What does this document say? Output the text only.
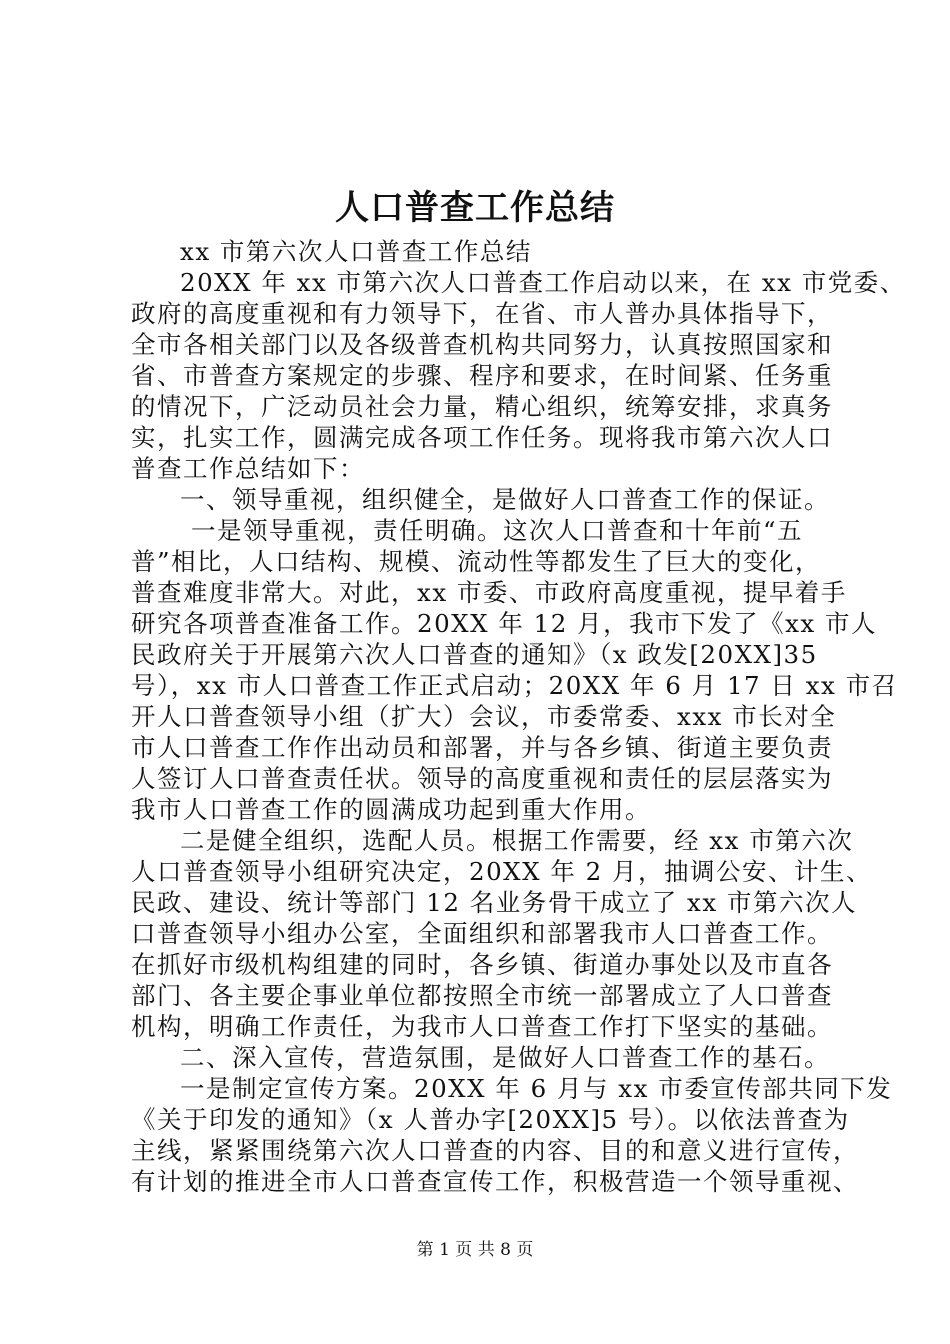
人口普查工作总结
xx 市第六次人口普查工作总结
20XX 年 xx 市第六次人口普查工作启动以来，在 xx 市党委、
政府的高度重视和有力领导下，在省、市人普办具体指导下，
全市各相关部门以及各级普查机构共同努力，认真按照国家和
省、市普查方案规定的步骤、程序和要求，在时间紧、任务重
的情况下，广泛动员社会力量，精心组织，统筹安排，求真务
实，扎实工作，圆满完成各项工作任务。现将我市第六次人口
普查工作总结如下：
一、领导重视，组织健全，是做好人口普查工作的保证。
一是领导重视，责任明确。这次人口普查和十年前“五
普”相比，人口结构、规模、流动性等都发生了巨大的变化，
普查难度非常大。对此，xx 市委、市政府高度重视，提早着手
研究各项普查准备工作。20XX 年 12 月，我市下发了《xx 市人
民政府关于开展第六次人口普查的通知》（x 政发[20XX]35
号），xx 市人口普查工作正式启动；20XX 年 6 月 17 日 xx 市召
开人口普查领导小组（扩大）会议，市委常委、xxx 市长对全
市人口普查工作作出动员和部署，并与各乡镇、街道主要负责
人签订人口普查责任状。领导的高度重视和责任的层层落实为
我市人口普查工作的圆满成功起到重大作用。
二是健全组织，选配人员。根据工作需要，经 xx 市第六次
人口普查领导小组研究决定，20XX 年 2 月，抽调公安、计生、
民政、建设、统计等部门 12 名业务骨干成立了 xx 市第六次人
口普查领导小组办公室，全面组织和部署我市人口普查工作。
在抓好市级机构组建的同时，各乡镇、街道办事处以及市直各
部门、各主要企事业单位都按照全市统一部署成立了人口普查
机构，明确工作责任，为我市人口普查工作打下坚实的基础。
二、深入宣传，营造氛围，是做好人口普查工作的基石。
一是制定宣传方案。20XX 年 6 月与 xx 市委宣传部共同下发
《关于印发的通知》（x 人普办字[20XX]5 号）。以依法普查为
主线，紧紧围绕第六次人口普查的内容、目的和意义进行宣传，
有计划的推进全市人口普查宣传工作，积极营造一个领导重视、
第 1 页 共 8 页
